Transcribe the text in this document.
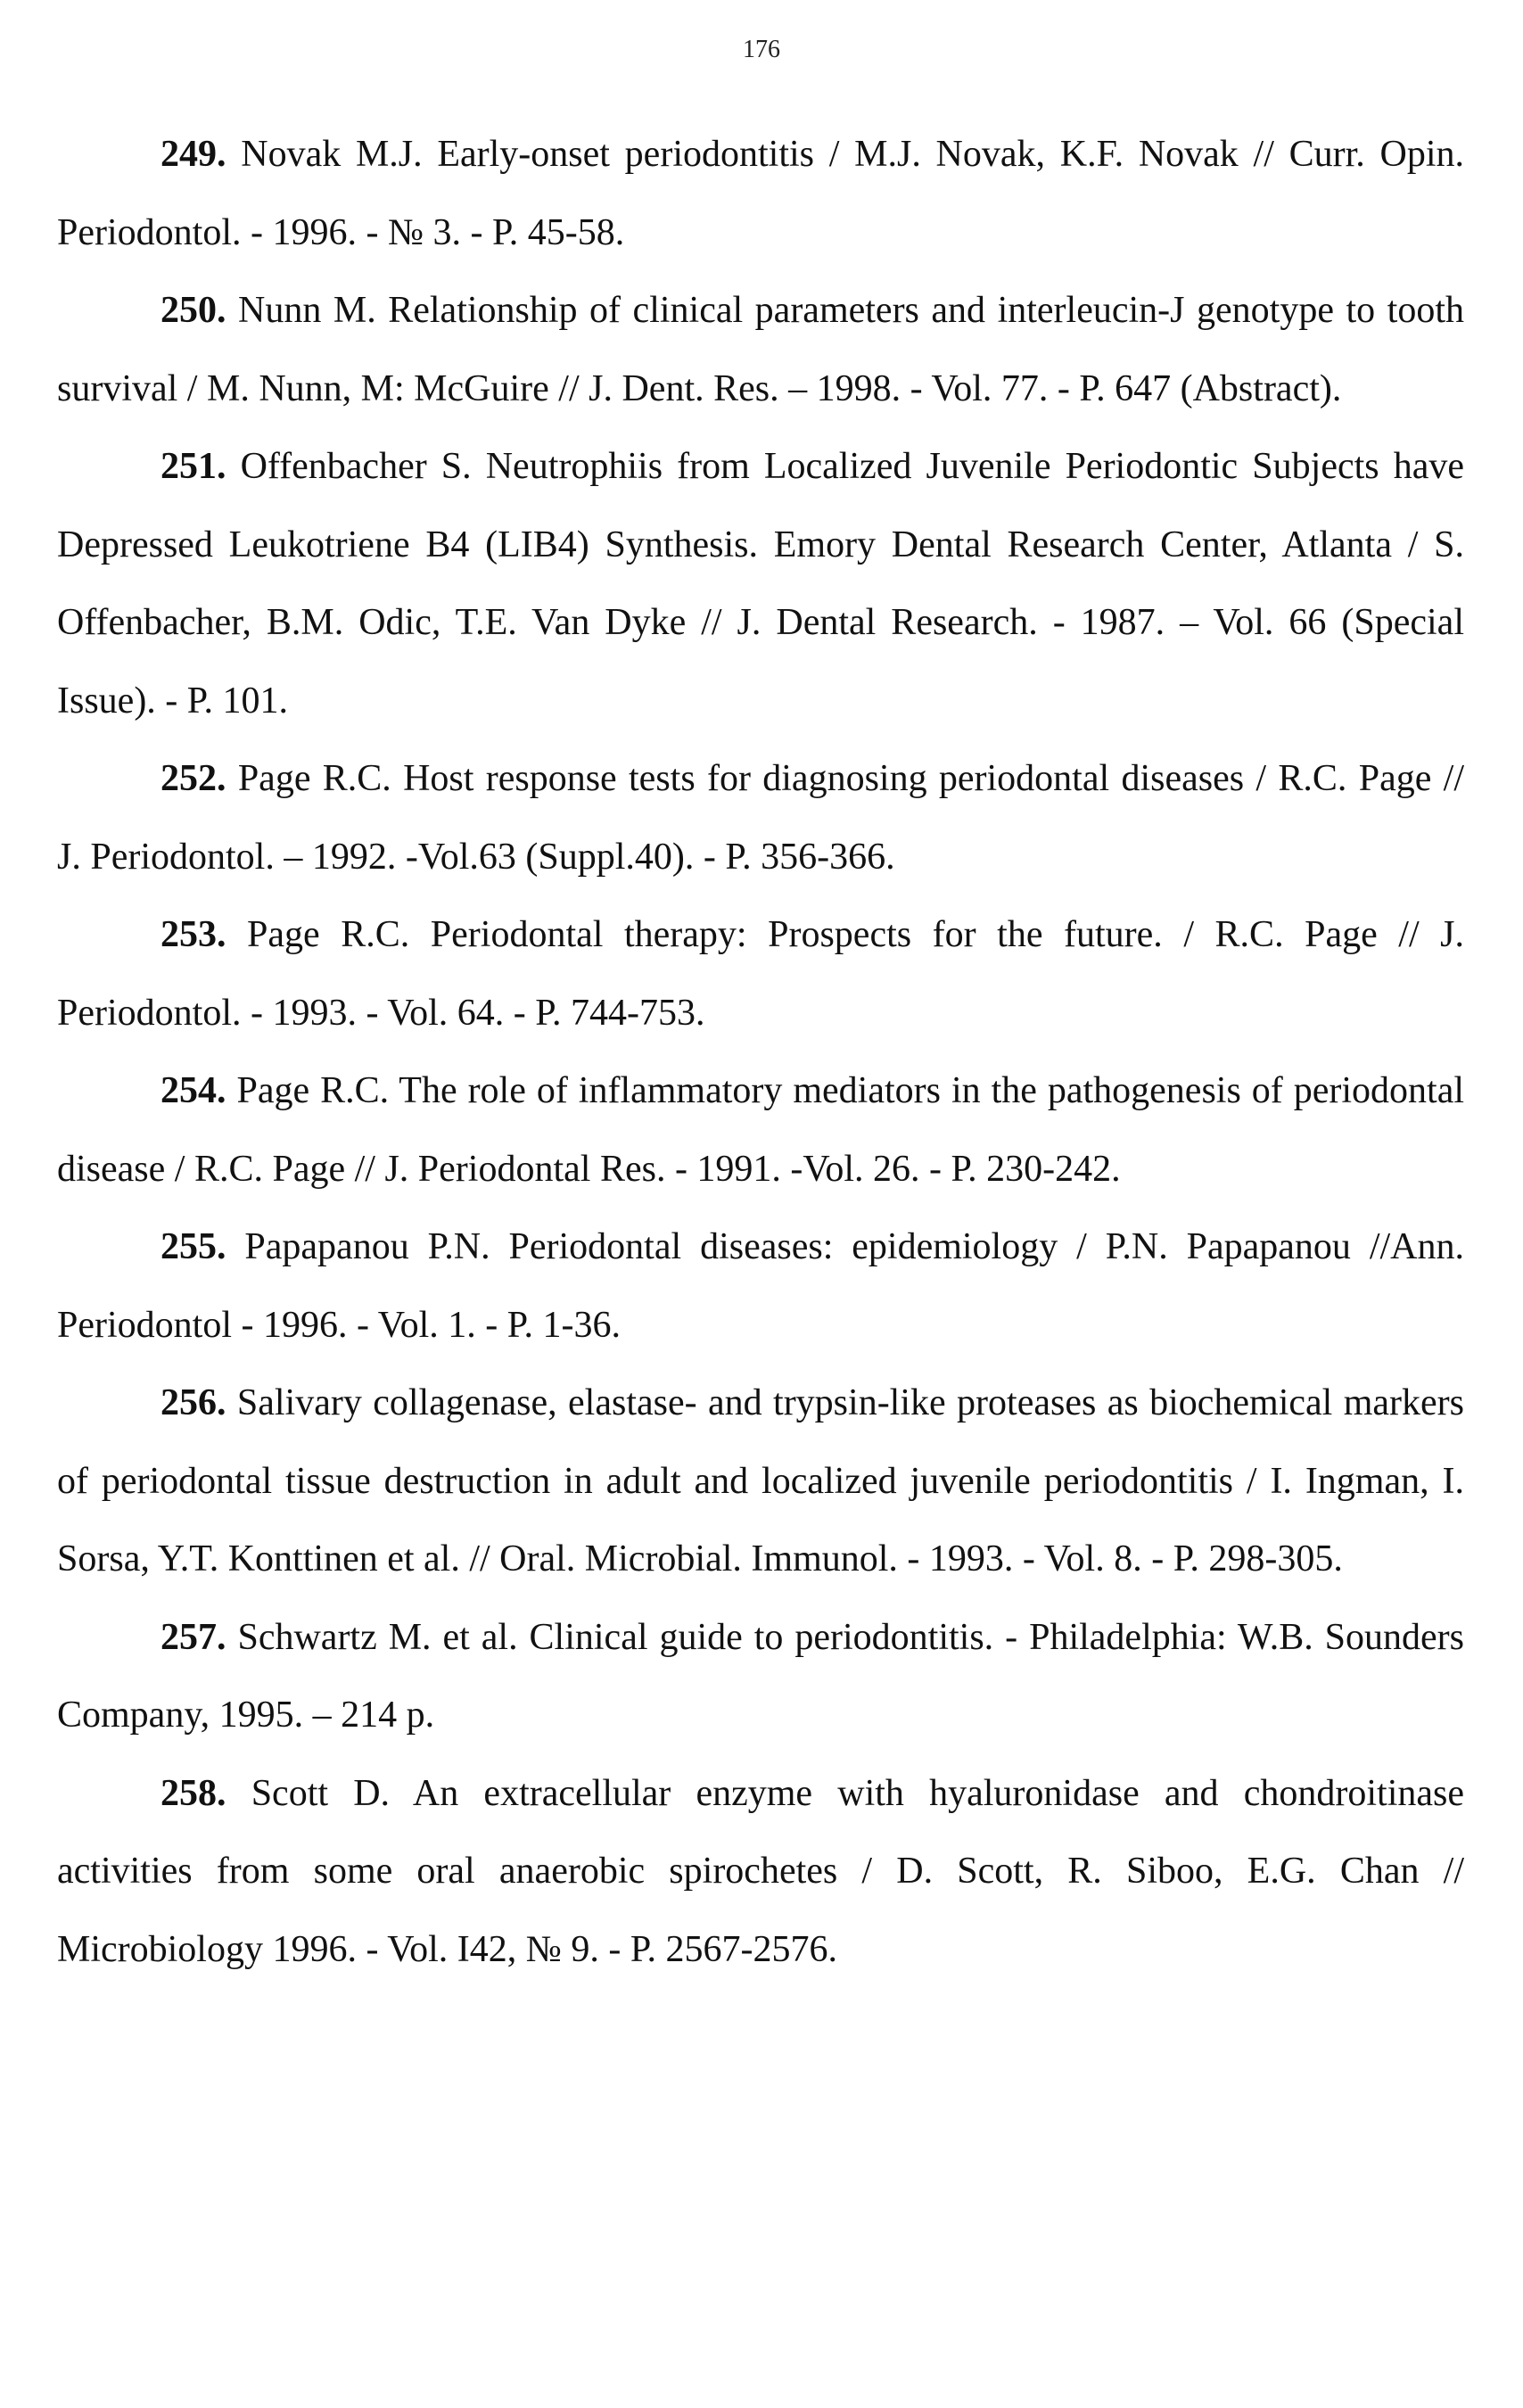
176

249. Novak M.J. Early-onset periodontitis / M.J. Novak, K.F. Novak // Curr. Opin. Periodontol. - 1996. - № 3. - P. 45-58.

250. Nunn M. Relationship of clinical parameters and interleucin-J genotype to tooth survival / M. Nunn, M: McGuire // J. Dent. Res. – 1998. - Vol. 77. - P. 647 (Abstract).

251. Offenbacher S. Neutrophiis from Localized Juvenile Periodontic Subjects have Depressed Leukotriene B4 (LIB4) Synthesis. Emory Dental Research Center, Atlanta / S. Offenbacher, B.M. Odic, T.E. Van Dyke // J. Dental Research. - 1987. – Vol. 66 (Special Issue). - P. 101.

252. Page R.C. Host response tests for diagnosing periodontal diseases / R.C. Page // J. Periodontol. – 1992. -Vol.63 (Suppl.40). - P. 356-366.

253. Page R.C. Periodontal therapy: Prospects for the future. / R.C. Page // J. Periodontol. - 1993. - Vol. 64. - P. 744-753.

254. Page R.C. The role of inflammatory mediators in the pathogenesis of periodontal disease / R.C. Page // J. Periodontal Res. - 1991. -Vol. 26. - P. 230-242.

255. Papapanou P.N. Periodontal diseases: epidemiology / P.N. Papapanou //Ann. Periodontol - 1996. - Vol. 1. - P. 1-36.

256. Salivary collagenase, elastase- and trypsin-like proteases as biochemical markers of periodontal tissue destruction in adult and localized juvenile periodontitis / I. Ingman, I. Sorsa, Y.T. Konttinen et al. // Oral. Microbial. Immunol. - 1993. - Vol. 8. - P. 298-305.

257. Schwartz M. et al. Clinical guide to periodontitis. - Philadelphia: W.B. Sounders Company, 1995. – 214 p.

258. Scott D. An extracellular enzyme with hyaluronidase and chondroitinase activities from some oral anaerobic spirochetes / D. Scott, R. Siboo, E.G. Chan // Microbiology 1996. - Vol. I42, № 9. - P. 2567-2576.
